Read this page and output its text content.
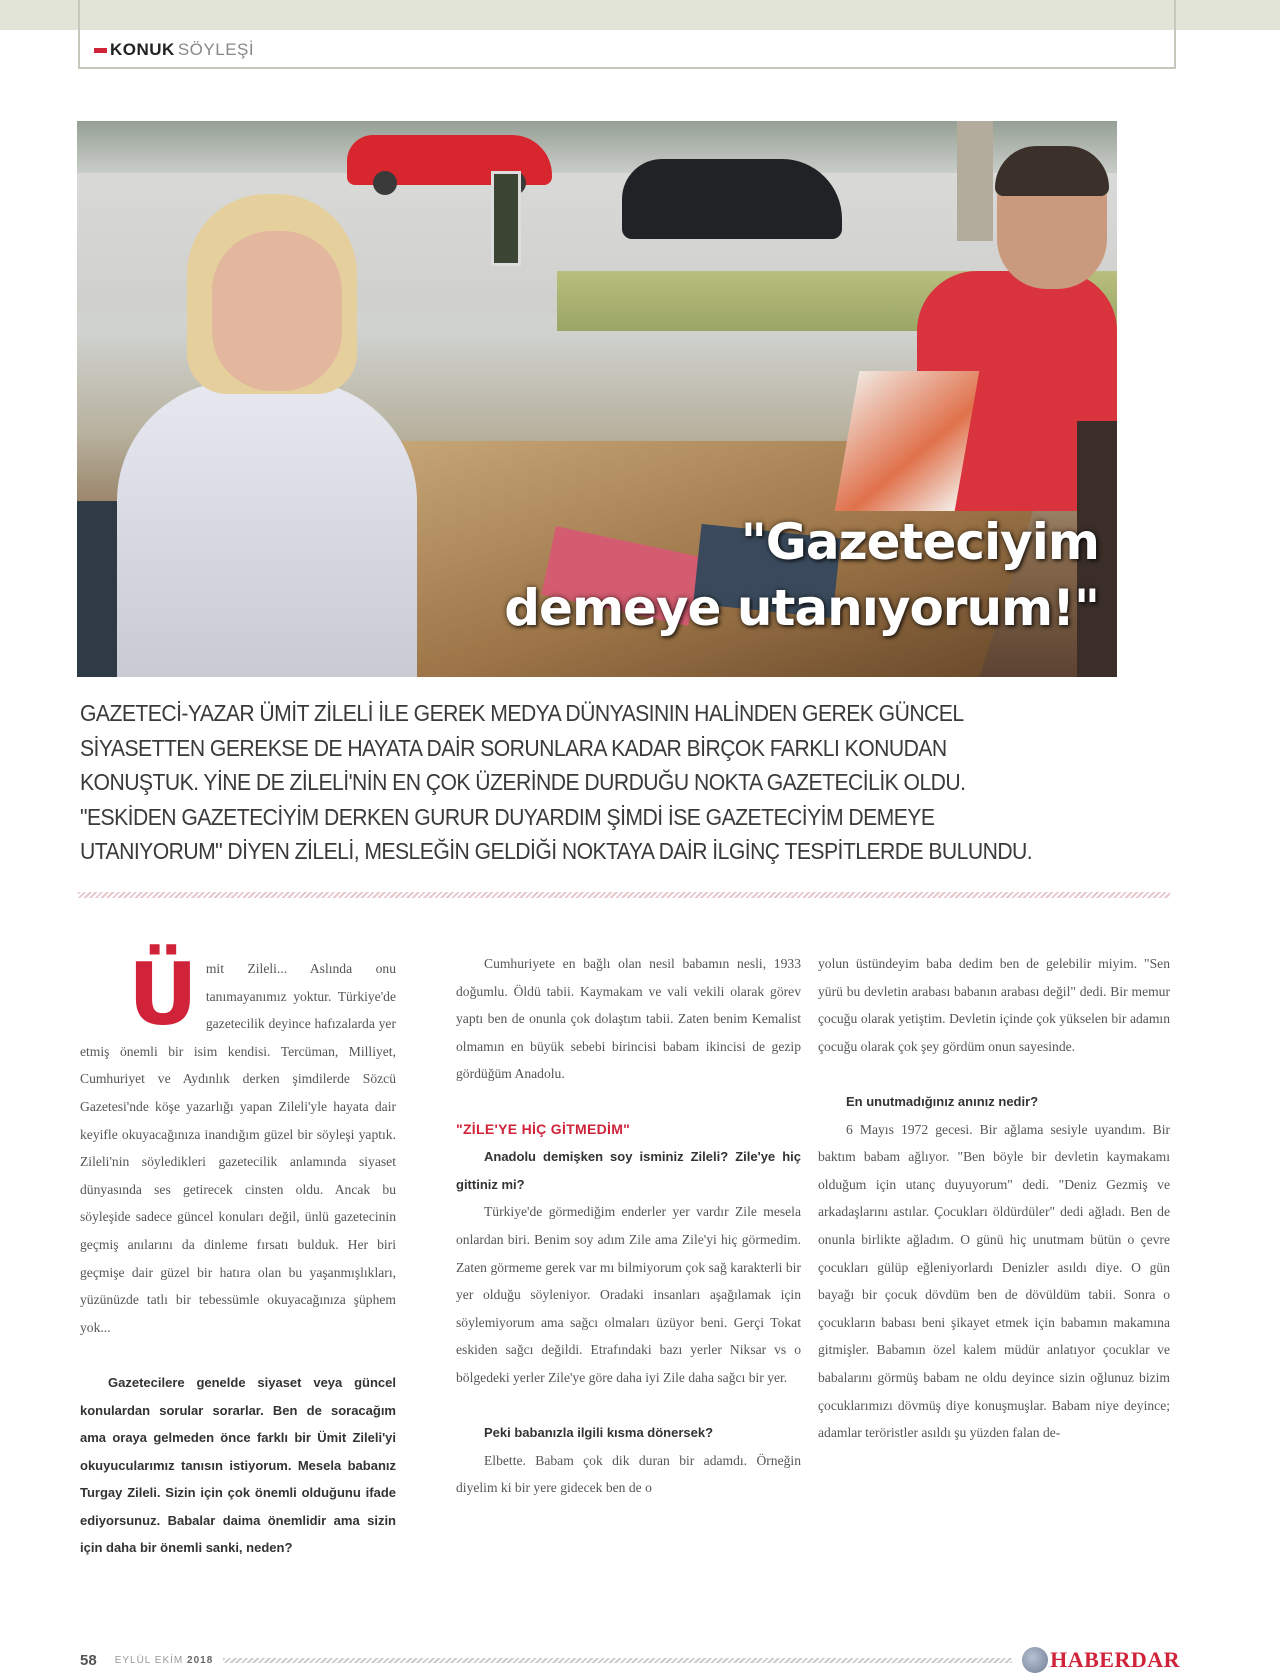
KONUK SÖYLEŞİ
"Gazeteciyim
demeye utanıyorum!"
GAZETECİ-YAZAR ÜMİT ZİLELİ İLE GEREK MEDYA DÜNYASININ HALİNDEN GEREK GÜNCEL SİYASETTEN GEREKSE DE HAYATA DAİR SORUNLARA KADAR BİRÇOK FARKLI KONUDAN KONUŞTUK. YİNE DE ZİLELİ'NİN EN ÇOK ÜZERİNDE DURDUĞU NOKTA GAZETECİLİK OLDU. "ESKİDEN GAZETECİYİM DERKEN GURUR DUYARDIM ŞİMDİ İSE GAZETECİYİM DEMEYE UTANIYORUM" DİYEN ZİLELİ, MESLEĞİN GELDİĞİ NOKTAYA DAİR İLGİNÇ TESPİTLERDE BULUNDU.
Ü mit Zileli... Aslında onu tanımayanımız yoktur. Türkiye'de gazetecilik deyince hafızalarda yer etmiş önemli bir isim kendisi. Tercüman, Milliyet, Cumhuriyet ve Aydınlık derken şimdilerde Sözcü Gazetesi'nde köşe yazarlığı yapan Zileli'yle hayata dair keyifle okuyacağınıza inandığım güzel bir söyleşi yaptık. Zileli'nin söyledikleri gazetecilik anlamında siyaset dünyasında ses getirecek cinsten oldu. Ancak bu söyleşide sadece güncel konuları değil, ünlü gazetecinin geçmiş anılarını da dinleme fırsatı bulduk. Her biri geçmişe dair güzel bir hatıra olan bu yaşanmışlıkları, yüzünüzde tatlı bir tebessümle okuyacağınıza şüphem yok...

Gazetecilere genelde siyaset veya güncel konulardan sorular sorarlar. Ben de soracağım ama oraya gelmeden önce farklı bir Ümit Zileli'yi okuyucularımız tanısın istiyorum. Mesela babanız Turgay Zileli. Sizin için çok önemli olduğunu ifade ediyorsunuz. Babalar daima önemlidir ama sizin için daha bir önemli sanki, neden?

Cumhuriyete en bağlı olan nesil babamın nesli, 1933 doğumlu. Öldü tabii. Kaymakam ve vali vekili olarak görev yaptı ben de onunla çok dolaştım tabii. Zaten benim Kemalist olmamın en büyük sebebi birincisi babam ikincisi de gezip gördüğüm Anadolu.

"ZİLE'YE HİÇ GİTMEDİM"

Anadolu demişken soy isminiz Zileli? Zile'ye hiç gittiniz mi?

Türkiye'de görmediğim enderler yer vardır Zile mesela onlardan biri. Benim soy adım Zile ama Zile'yi hiç görmedim. Zaten görmeme gerek var mı bilmiyorum çok sağ karakterli bir yer olduğu söyleniyor. Oradaki insanları aşağılamak için söylemiyorum ama sağcı olmaları üzüyor beni. Gerçi Tokat eskiden sağcı değildi. Etrafındaki bazı yerler Niksar vs o bölgedeki yerler Zile'ye göre daha iyi Zile daha sağcı bir yer.

Peki babanızla ilgili kısma dönersek?

Elbette. Babam çok dik duran bir adamdı. Örneğin diyelim ki bir yere gidecek ben de o

yolun üstündeyim baba dedim ben de gelebilir miyim. "Sen yürü bu devletin arabası babanın arabası değil" dedi. Bir memur çocuğu olarak yetiştim. Devletin içinde çok yükselen bir adamın çocuğu olarak çok şey gördüm onun sayesinde.

En unutmadığınız anınız nedir?

6 Mayıs 1972 gecesi. Bir ağlama sesiyle uyandım. Bir baktım babam ağlıyor. "Ben böyle bir devletin kaymakamı olduğum için utanç duyuyorum" dedi. "Deniz Gezmiş ve arkadaşlarını astılar. Çocukları öldürdüler" dedi ağladı. Ben de onunla birlikte ağladım. O günü hiç unutmam bütün o çevre çocukları gülüp eğleniyorlardı Denizler asıldı diye. O gün bayağı bir çocuk dövdüm ben de dövüldüm tabii. Sonra o çocukların babası beni şikayet etmek için babamın makamına gitmişler. Babamın özel kalem müdür anlatıyor çocuklar ve babalarını görmüş babam ne oldu deyince sizin oğlunuz bizim çocuklarımızı dövmüş diye konuşmuşlar. Babam niye deyince; adamlar teröristler asıldı şu yüzden falan de-

58 EYLÜL EKİM 2018	HABERDAR
